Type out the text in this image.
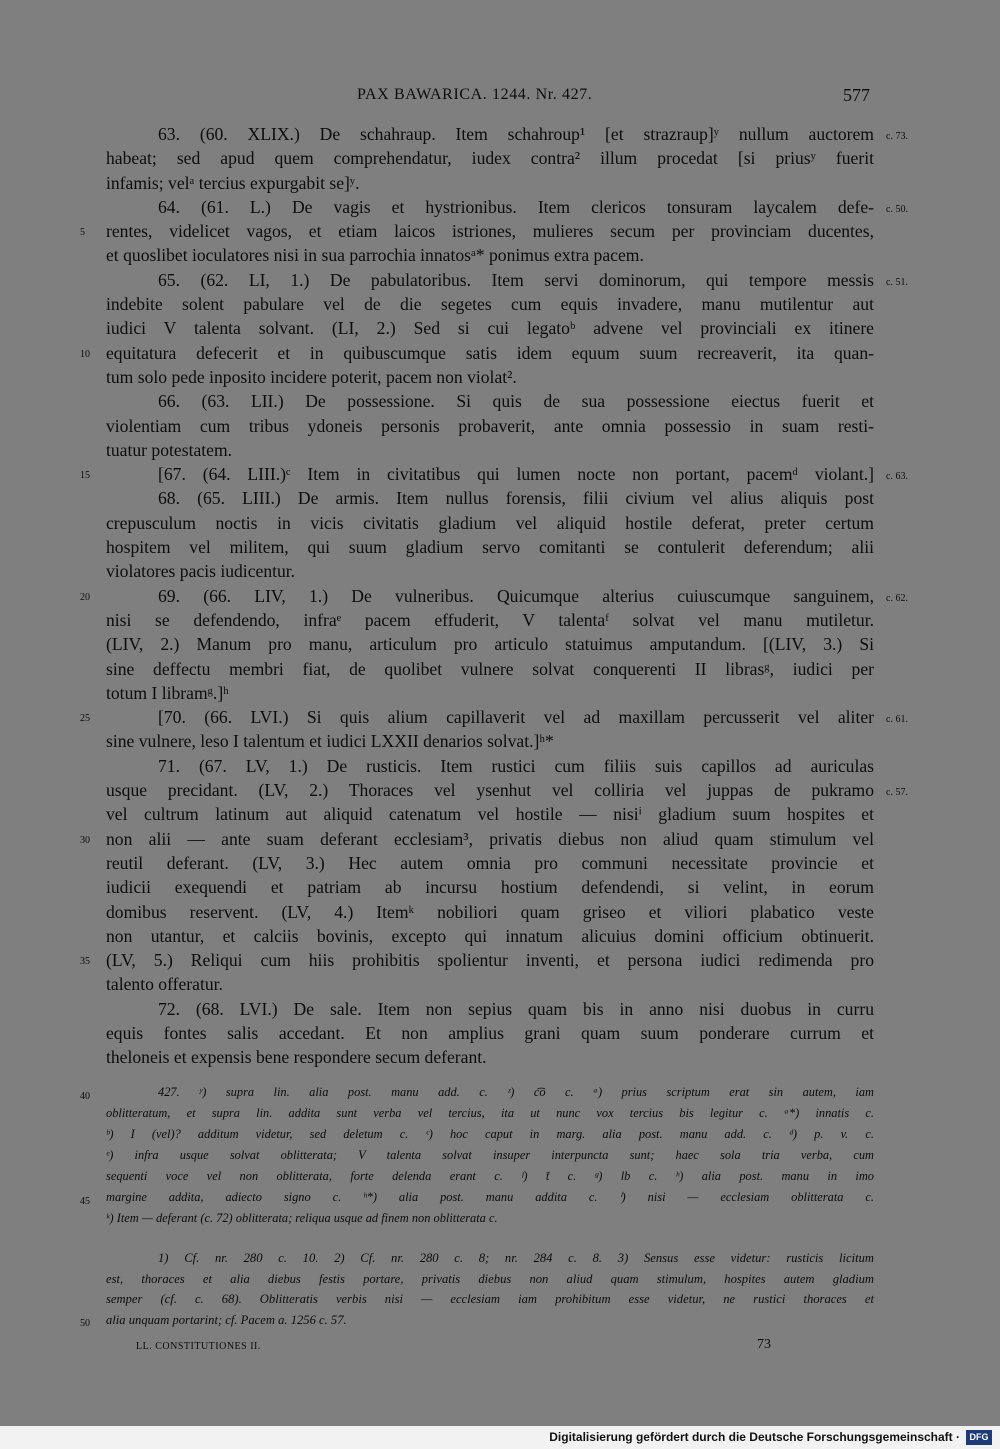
PAX BAWARICA. 1244. Nr. 427.	577
63. (60. XLIX.) De schahraup. Item schahroup¹ [et strazraup]ʸ nullum auctorem c. 73.
habeat; sed apud quem comprehendatur, iudex contra² illum procedat [si priusʸ fuerit
infamis; velᵃ tercius expurgabit se]ʸ.
64. (61. L.) De vagis et hystrionibus. Item clericos tonsuram laycalem defe- c. 50.
rentes, videlicet vagos, et etiam laicos istriones, mulieres secum per provinciam ducentes,
5
et quoslibet ioculatores nisi in sua parrochia innatosᵃ* ponimus extra pacem.
65. (62. LI, 1.) De pabulatoribus. Item servi dominorum, qui tempore messis c. 51.
indebite solent pabulare vel de die segetes cum equis invadere, manu mutilentur aut
iudici V talenta solvant. (LI, 2.) Sed si cui legatoᵇ advene vel provinciali ex itinere
equitatura defecerit et in quibuscumque satis idem equum suum recreaverit, ita quan-
10
tum solo pede inposito incidere poterit, pacem non violat².
66. (63. LII.) De possessione. Si quis de sua possessione eiectus fuerit et
violentiam cum tribus ydoneis personis probaverit, ante omnia possessio in suam resti-
tuatur potestatem.
[67. (64. LIII.)ᶜ Item in civitatibus qui lumen nocte non portant, pacemᵈ violant.]
15	c. 63.
68. (65. LIII.) De armis. Item nullus forensis, filii civium vel alius aliquis post
crepusculum noctis in vicis civitatis gladium vel aliquid hostile deferat, preter certum
hospitem vel militem, qui suum gladium servo comitanti se contulerit deferendum; alii
violatores pacis iudicentur.
69. (66. LIV, 1.) De vulneribus. Quicumque alterius cuiuscumque sanguinem,
20	c. 62.
nisi se defendendo, infraᵉ pacem effuderit, V talentaᶠ solvat vel manu mutiletur.
(LIV, 2.) Manum pro manu, articulum pro articulo statuimus amputandum. [(LIV, 3.) Si
sine deffectu membri fiat, de quolibet vulnere solvat conquerenti II librasᵍ, iudici per
totum I libramᵍ.]ʰ
[70. (66. LVI.) Si quis alium capillaverit vel ad maxillam percusserit vel aliter
25	c. 61.
sine vulnere, leso I talentum et iudici LXXII denarios solvat.]ʰ*
71. (67. LV, 1.) De rusticis. Item rustici cum filiis suis capillos ad auriculas
usque precidant. (LV, 2.) Thoraces vel ysenhut vel colliria vel juppas de pukramo c. 57.
vel cultrum latinum aut aliquid catenatum vel hostile — nisiⁱ gladium suum hospites et
non alii — ante suam deferant ecclesiam³, privatis diebus non aliud quam stimulum vel
30
reutil deferant. (LV, 3.) Hec autem omnia pro communi necessitate provincie et
iudicii exequendi et patriam ab incursu hostium defendendi, si velint, in eorum
domibus reservent. (LV, 4.) Itemᵏ nobiliori quam griseo et viliori plabatico veste
non utantur, et calciis bovinis, excepto qui innatum alicuius domini officium obtinuerit.
(LV, 5.) Reliqui cum hiis prohibitis spolientur inventi, et persona iudici redimenda pro
35
talento offeratur.
72. (68. LVI.) De sale. Item non sepius quam bis in anno nisi duobus in curru
equis fontes salis accedant. Et non amplius grani quam suum ponderare currum et
theloneis et expensis bene respondere secum deferant.
427. ʸ) supra lin. alia post. manu add. c. ᶻ) c͡o c. ᵃ) prius scriptum erat sin autem, iam
40
oblitteratum, et supra lin. addita sunt verba vel tercius, ita ut nunc vox tercius bis legitur c. ᵃ*) innatis c.
ᵇ) I (vel)? additum videtur, sed deletum c. ᶜ) hoc caput in marg. alia post. manu add. c. ᵈ) p. v. c.
ᵉ) infra usque solvat oblitterata; V talenta solvat insuper interpuncta sunt; haec sola tria verba, cum
sequenti voce vel non oblitterata, forte delenda erant c. ᶠ) t̄ c. ᵍ) lb c. ʰ) alia post. manu in imo
margine addita, adiecto signo c. ʰ*) alia post. manu addita c. ⁱ) nisi — ecclesiam oblitterata c.
45
ᵏ) Item — deferant (c. 72) oblitterata; reliqua usque ad finem non oblitterata c.
1) Cf. nr. 280 c. 10. 2) Cf. nr. 280 c. 8; nr. 284 c. 8. 3) Sensus esse videtur: rusticis licitum
est, thoraces et alia diebus festis portare, privatis diebus non aliud quam stimulum, hospites autem gladium
semper (cf. c. 68). Oblitteratis verbis nisi — ecclesiam iam prohibitum esse videtur, ne rustici thoraces et
alia unquam portarint; cf. Pacem a. 1256 c. 57.
50
LL. CONSTITUTIONES II.	73
Digitalisierung gefördert durch die Deutsche Forschungsgemeinschaft ·	DFG
